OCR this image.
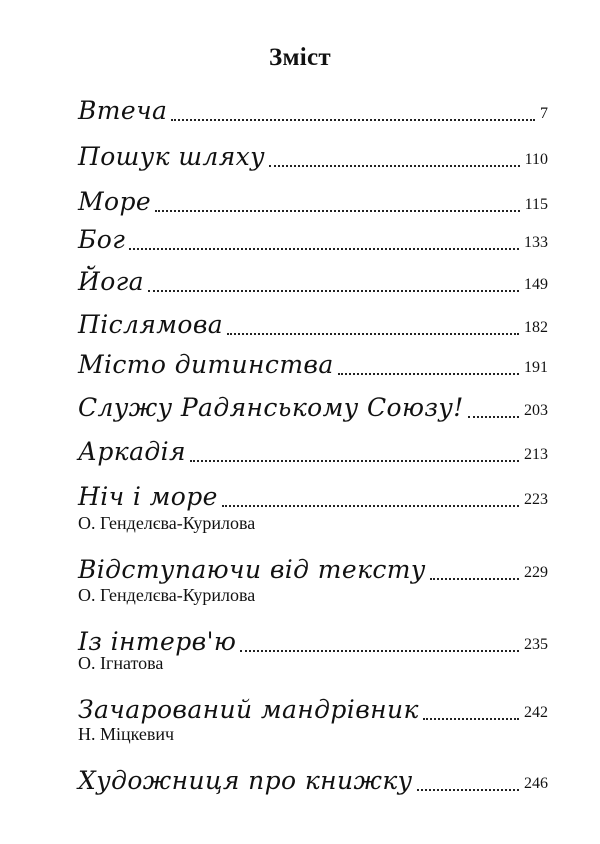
Зміст
Втеча	7
Пошук шляху	110
Море	115
Бог	133
Йога	149
Післямова	182
Місто дитинства	191
Служу Радянському Союзу!	203
Аркадія	213
Ніч і море	223
О. Генделєва-Курилова
Відступаючи від тексту	229
О. Генделєва-Курилова
Із інтерв'ю	235
О. Ігнатова
Зачарований мандрівник	242
Н. Міцкевич
Художниця про книжку	246
